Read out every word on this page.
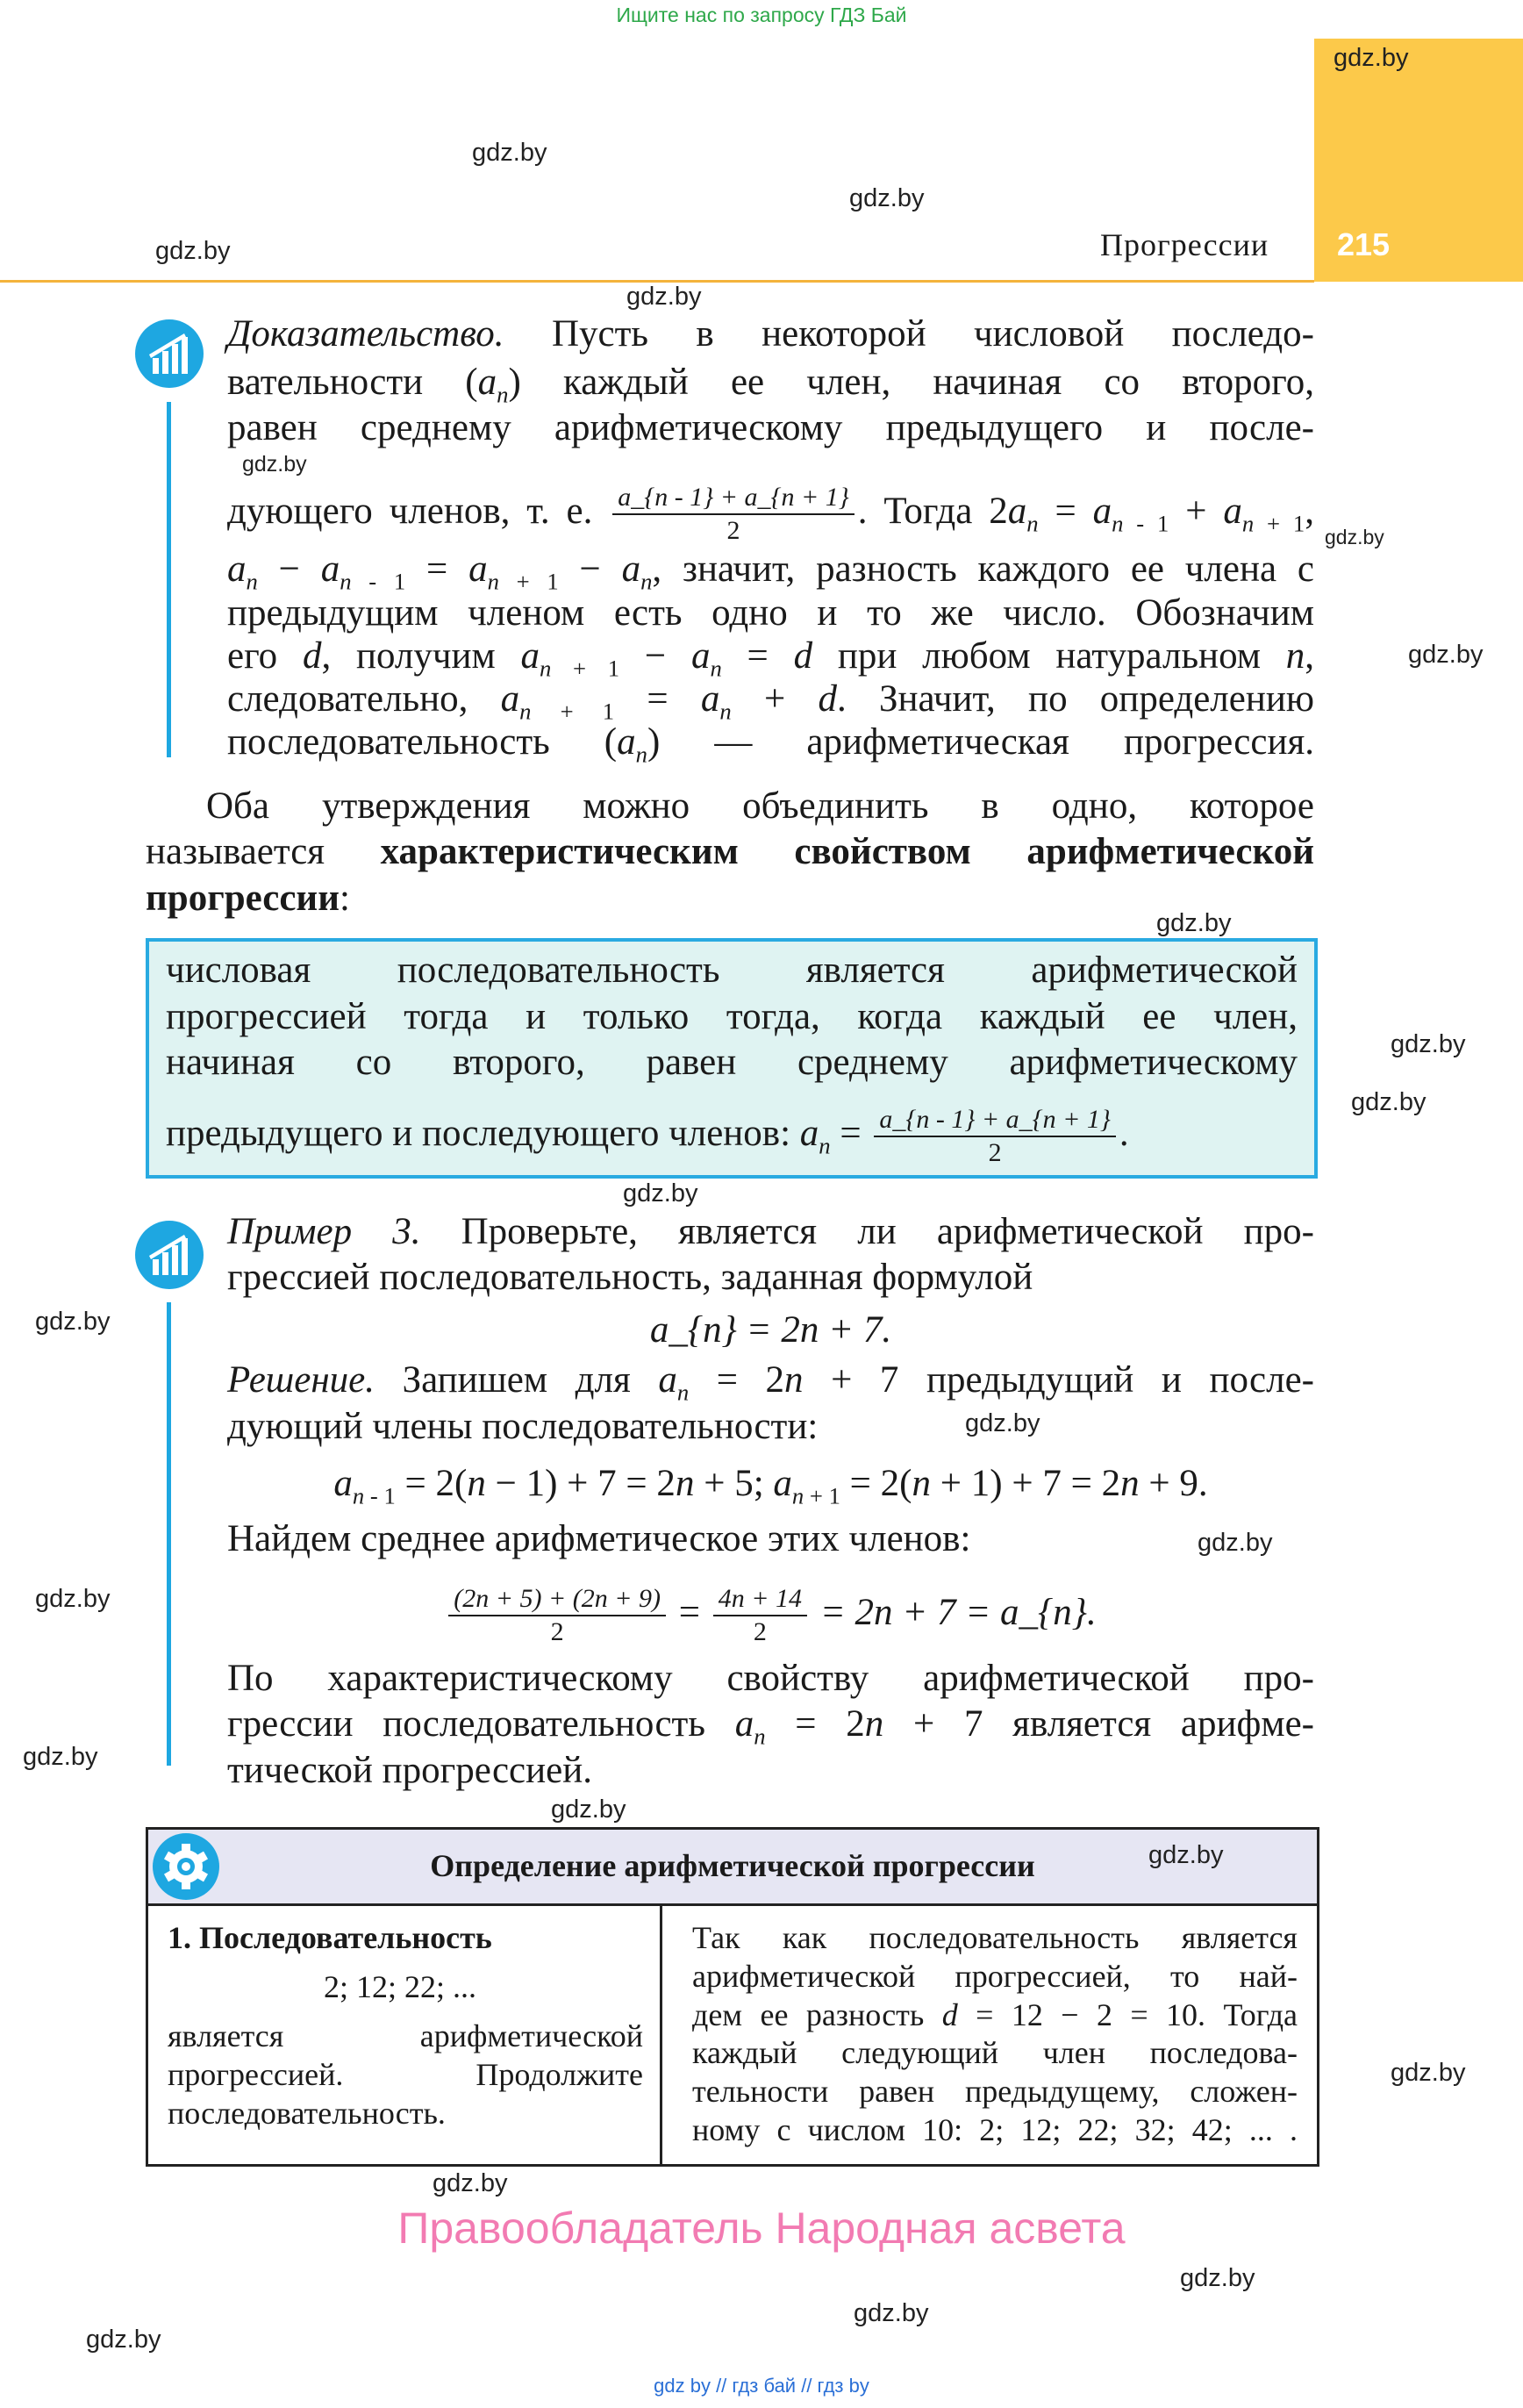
Ищите нас по запросу ГДЗ Бай
215
Прогрессии
Доказательство. Пусть в некоторой числовой последо-
вательности $(a_n)$ каждый ее член, начиная со второго,
равен среднему арифметическому предыдущего и после-
дующего членов, т. е. $\frac{a\_\{n - 1\} + a\_\{n + 1\}}{2}$ . Тогда $2a_n = a_{n - 1} + a_{n + 1}$,
$a_n - a_{n - 1} = a_{n + 1} - a_n$, значит, разность каждого ее члена с
предыдущим членом есть одно и то же число. Обозначим
его d, получим $a_{n + 1} - a_n = d$ при любом натуральном n,
следовательно, $a_{n + 1} = a_n + d$. Значит, по определению
последовательность $(a_n)$ — арифметическая прогрессия.
Оба утверждения можно объединить в одно, которое
называется характеристическим свойством арифметической
прогрессии:
числовая последовательность является арифметической
прогрессией тогда и только тогда, когда каждый ее член,
начиная со второго, равен среднему арифметическому
предыдущего и последующего членов: $a_n = \frac{a\_\{n - 1\} + a\_\{n + 1\}}{2}$ .
Пример 3. Проверьте, является ли арифметической про-
грессией последовательность, заданная формулой
a_{n} = 2n + 7.
Решение. Запишем для $a_n = 2n + 7$ предыдущий и после-
дующий члены последовательности:
$a_{n - 1} = 2(n - 1) + 7 = 2n + 5$; $a_{n + 1} = 2(n + 1) + 7 = 2n + 9$.
Найдем среднее арифметическое этих членов:
$\frac{(2n + 5) + (2n + 9)}{2} = \frac{4n + 14}{2} = 2n + 7$ = a_{n}.
По характеристическому свойству арифметической про-
грессии последовательность $a_n = 2n + 7$ является арифме-
тической прогрессией.
Определение арифметической прогрессии
1. Последовательность
2; 12; 22; ...
является арифметической
прогрессией. Продолжите
последовательность.
Так как последовательность является
арифметической прогрессией, то най-
дем ее разность d = 12 − 2 = 10. Тогда
каждый следующий член последова-
тельности равен предыдущему, сложен-
ному с числом 10: 2; 12; 22; 32; 42; ... .
Правообладатель Народная асвета
gdz by // гдз бай // гдз by
gdz.by
gdz.by
gdz.by
gdz.by
gdz.by
gdz.by
gdz.by
gdz.by
gdz.by
gdz.by
gdz.by
gdz.by
gdz.by
gdz.by
gdz.by
gdz.by
gdz.by
gdz.by
gdz.by
gdz.by
gdz.by
gdz.by
gdz.by
gdz.by
